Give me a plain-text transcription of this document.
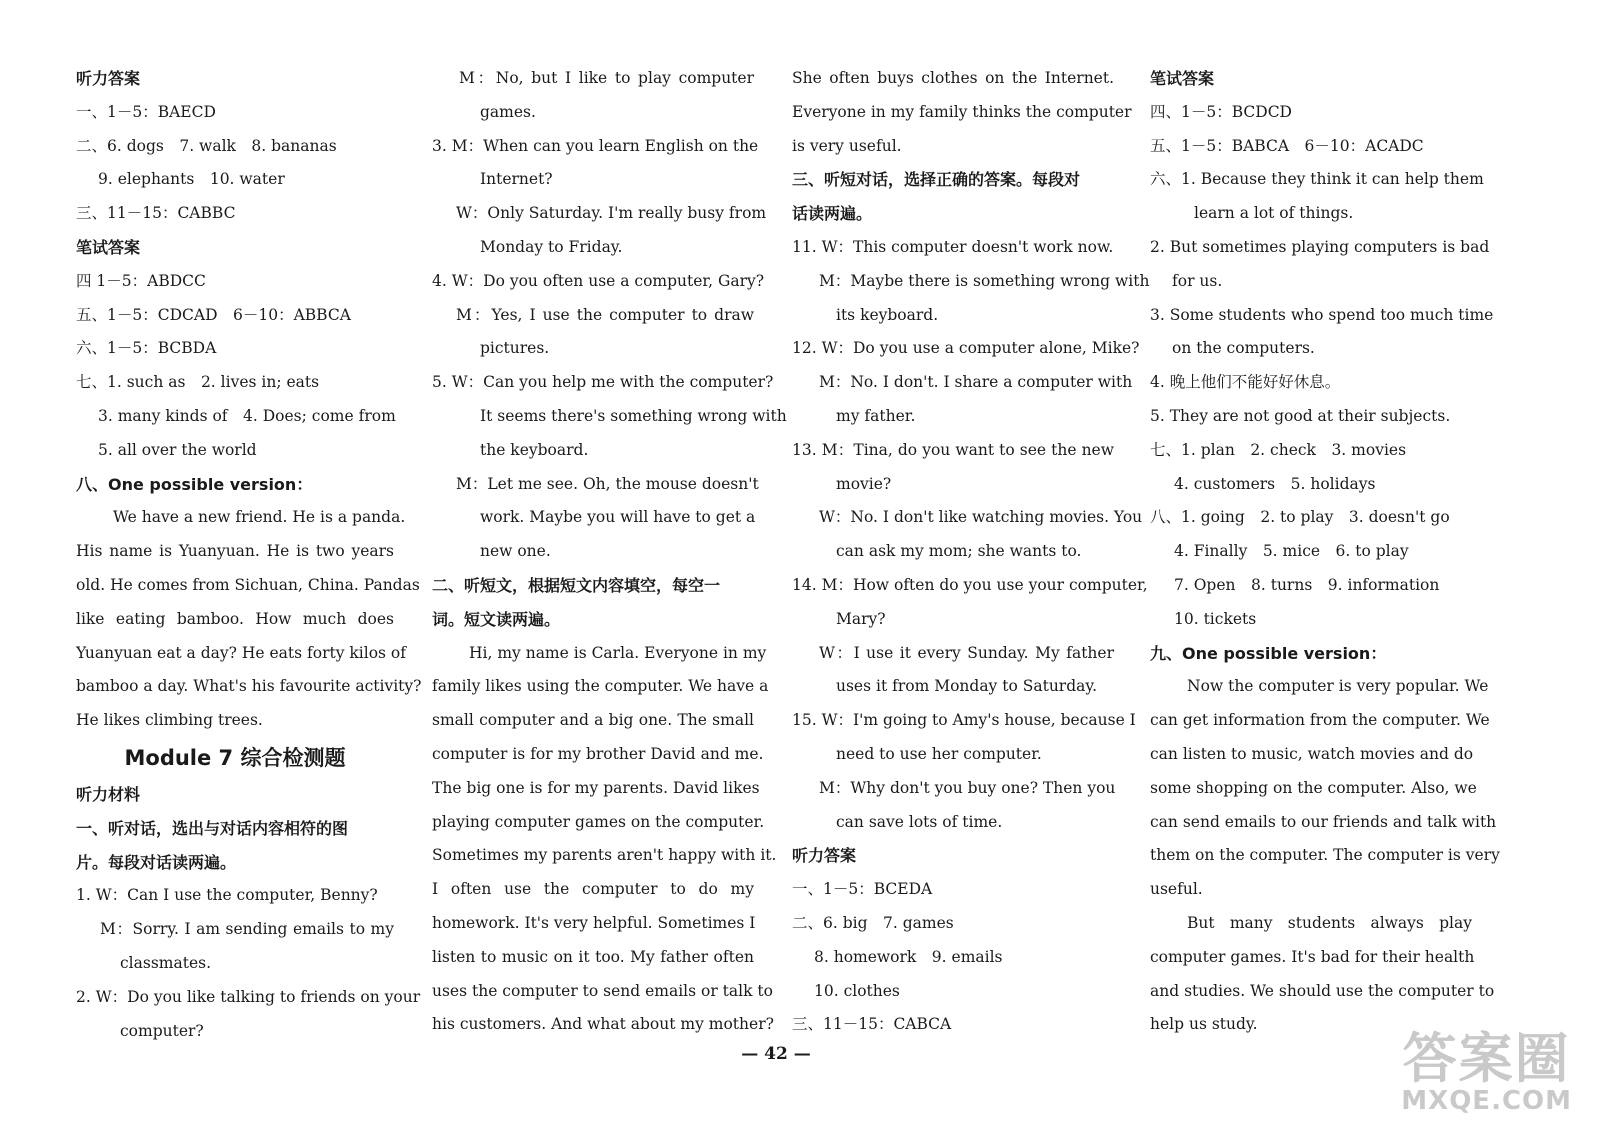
听力答案
一、1－5：BAECD
二、6. dogs　7. walk　8. bananas
9. elephants　10. water
三、11－15：CABBC
笔试答案
四 1－5：ABDCC
五、1－5：CDCAD　6－10：ABBCA
六、1－5：BCBDA
七、1. such as　2. lives in; eats
3. many kinds of　4. Does; come from
5. all over the world
八、One possible version：
We have a new friend. He is a panda.
His name is Yuanyuan. He is two years
old. He comes from Sichuan, China. Pandas
like eating bamboo. How much does
Yuanyuan eat a day? He eats forty kilos of
bamboo a day. What's his favourite activity?
He likes climbing trees.
Module 7 综合检测题
听力材料
一、听对话，选出与对话内容相符的图
片。每段对话读两遍。
1. W：Can I use the computer, Benny?
M：Sorry. I am sending emails to my
classmates.
2. W：Do you like talking to friends on your
computer?
M：No, but I like to play computer
games.
3. M：When can you learn English on the
Internet?
W：Only Saturday. I'm really busy from
Monday to Friday.
4. W：Do you often use a computer, Gary?
M：Yes, I use the computer to draw
pictures.
5. W：Can you help me with the computer?
It seems there's something wrong with
the keyboard.
M：Let me see. Oh, the mouse doesn't
work. Maybe you will have to get a
new one.
二、听短文，根据短文内容填空，每空一
词。短文读两遍。
Hi, my name is Carla. Everyone in my
family likes using the computer. We have a
small computer and a big one. The small
computer is for my brother David and me.
The big one is for my parents. David likes
playing computer games on the computer.
Sometimes my parents aren't happy with it.
I often use the computer to do my
homework. It's very helpful. Sometimes I
listen to music on it too. My father often
uses the computer to send emails or talk to
his customers. And what about my mother?
She often buys clothes on the Internet.
Everyone in my family thinks the computer
is very useful.
三、听短对话，选择正确的答案。每段对
话读两遍。
11. W：This computer doesn't work now.
M：Maybe there is something wrong with
its keyboard.
12. W：Do you use a computer alone, Mike?
M：No. I don't. I share a computer with
my father.
13. M：Tina, do you want to see the new
movie?
W：No. I don't like watching movies. You
can ask my mom; she wants to.
14. M：How often do you use your computer,
Mary?
W：I use it every Sunday. My father
uses it from Monday to Saturday.
15. W：I'm going to Amy's house, because I
need to use her computer.
M：Why don't you buy one? Then you
can save lots of time.
听力答案
一、1－5：BCEDA
二、6. big　7. games
8. homework　9. emails
10. clothes
三、11－15：CABCA
笔试答案
四、1－5：BCDCD
五、1－5：BABCA　6－10：ACADC
六、1. Because they think it can help them
learn a lot of things.
2. But sometimes playing computers is bad
for us.
3. Some students who spend too much time
on the computers.
4. 晚上他们不能好好休息。
5. They are not good at their subjects.
七、1. plan　2. check　3. movies
4. customers　5. holidays
八、1. going　2. to play　3. doesn't go
4. Finally　5. mice　6. to play
7. Open　8. turns　9. information
10. tickets
九、One possible version：
Now the computer is very popular. We
can get information from the computer. We
can listen to music, watch movies and do
some shopping on the computer. Also, we
can send emails to our friends and talk with
them on the computer. The computer is very
useful.
But many students always play
computer games. It's bad for their health
and studies. We should use the computer to
help us study.
— 42 —	答案圈
MXQE.COM
